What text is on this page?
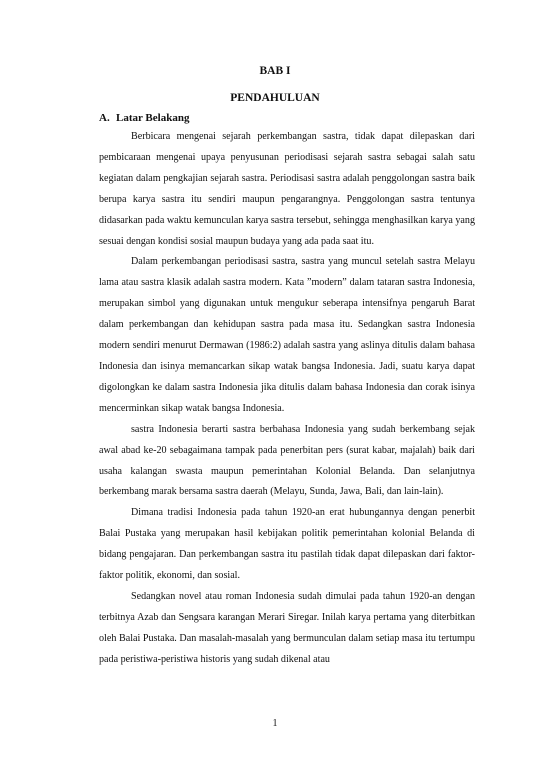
BAB I
PENDAHULUAN
A. Latar Belakang

Berbicara mengenai sejarah perkembangan sastra, tidak dapat dilepaskan dari pembicaraan mengenai upaya penyusunan periodisasi sejarah sastra sebagai salah satu kegiatan dalam pengkajian sejarah sastra. Periodisasi sastra adalah penggolongan sastra baik berupa karya sastra itu sendiri maupun pengarangnya. Penggolongan sastra tentunya didasarkan pada waktu kemunculan karya sastra tersebut, sehingga menghasilkan karya yang sesuai dengan kondisi sosial maupun budaya yang ada pada saat itu.

Dalam perkembangan periodisasi sastra, sastra yang muncul setelah sastra Melayu lama atau sastra klasik adalah sastra modern. Kata ”modern” dalam tataran sastra Indonesia, merupakan simbol yang digunakan untuk mengukur seberapa intensifnya pengaruh Barat dalam perkembangan dan kehidupan sastra pada masa itu. Sedangkan sastra Indonesia modern sendiri menurut Dermawan (1986:2) adalah sastra yang aslinya ditulis dalam bahasa Indonesia dan isinya memancarkan sikap watak bangsa Indonesia. Jadi, suatu karya dapat digolongkan ke dalam sastra Indonesia jika ditulis dalam bahasa Indonesia dan corak isinya mencerminkan sikap watak bangsa Indonesia.

sastra Indonesia berarti sastra berbahasa Indonesia yang sudah berkembang sejak awal abad ke-20 sebagaimana tampak pada penerbitan pers (surat kabar, majalah) baik dari usaha kalangan swasta maupun pemerintahan Kolonial Belanda. Dan selanjutnya berkembang marak bersama sastra daerah (Melayu, Sunda, Jawa, Bali, dan lain-lain).

Dimana tradisi Indonesia pada tahun 1920-an erat hubungannya dengan penerbit Balai Pustaka yang merupakan hasil kebijakan politik pemerintahan kolonial Belanda di bidang pengajaran. Dan perkembangan sastra itu pastilah tidak dapat dilepaskan dari faktor-faktor politik, ekonomi, dan sosial.

Sedangkan novel atau roman Indonesia sudah dimulai pada tahun 1920-an dengan terbitnya Azab dan Sengsara karangan Merari Siregar. Inilah karya pertama yang diterbitkan oleh Balai Pustaka. Dan masalah-masalah yang bermunculan dalam setiap masa itu tertumpu pada peristiwa-peristiwa historis yang sudah dikenal atau

1
